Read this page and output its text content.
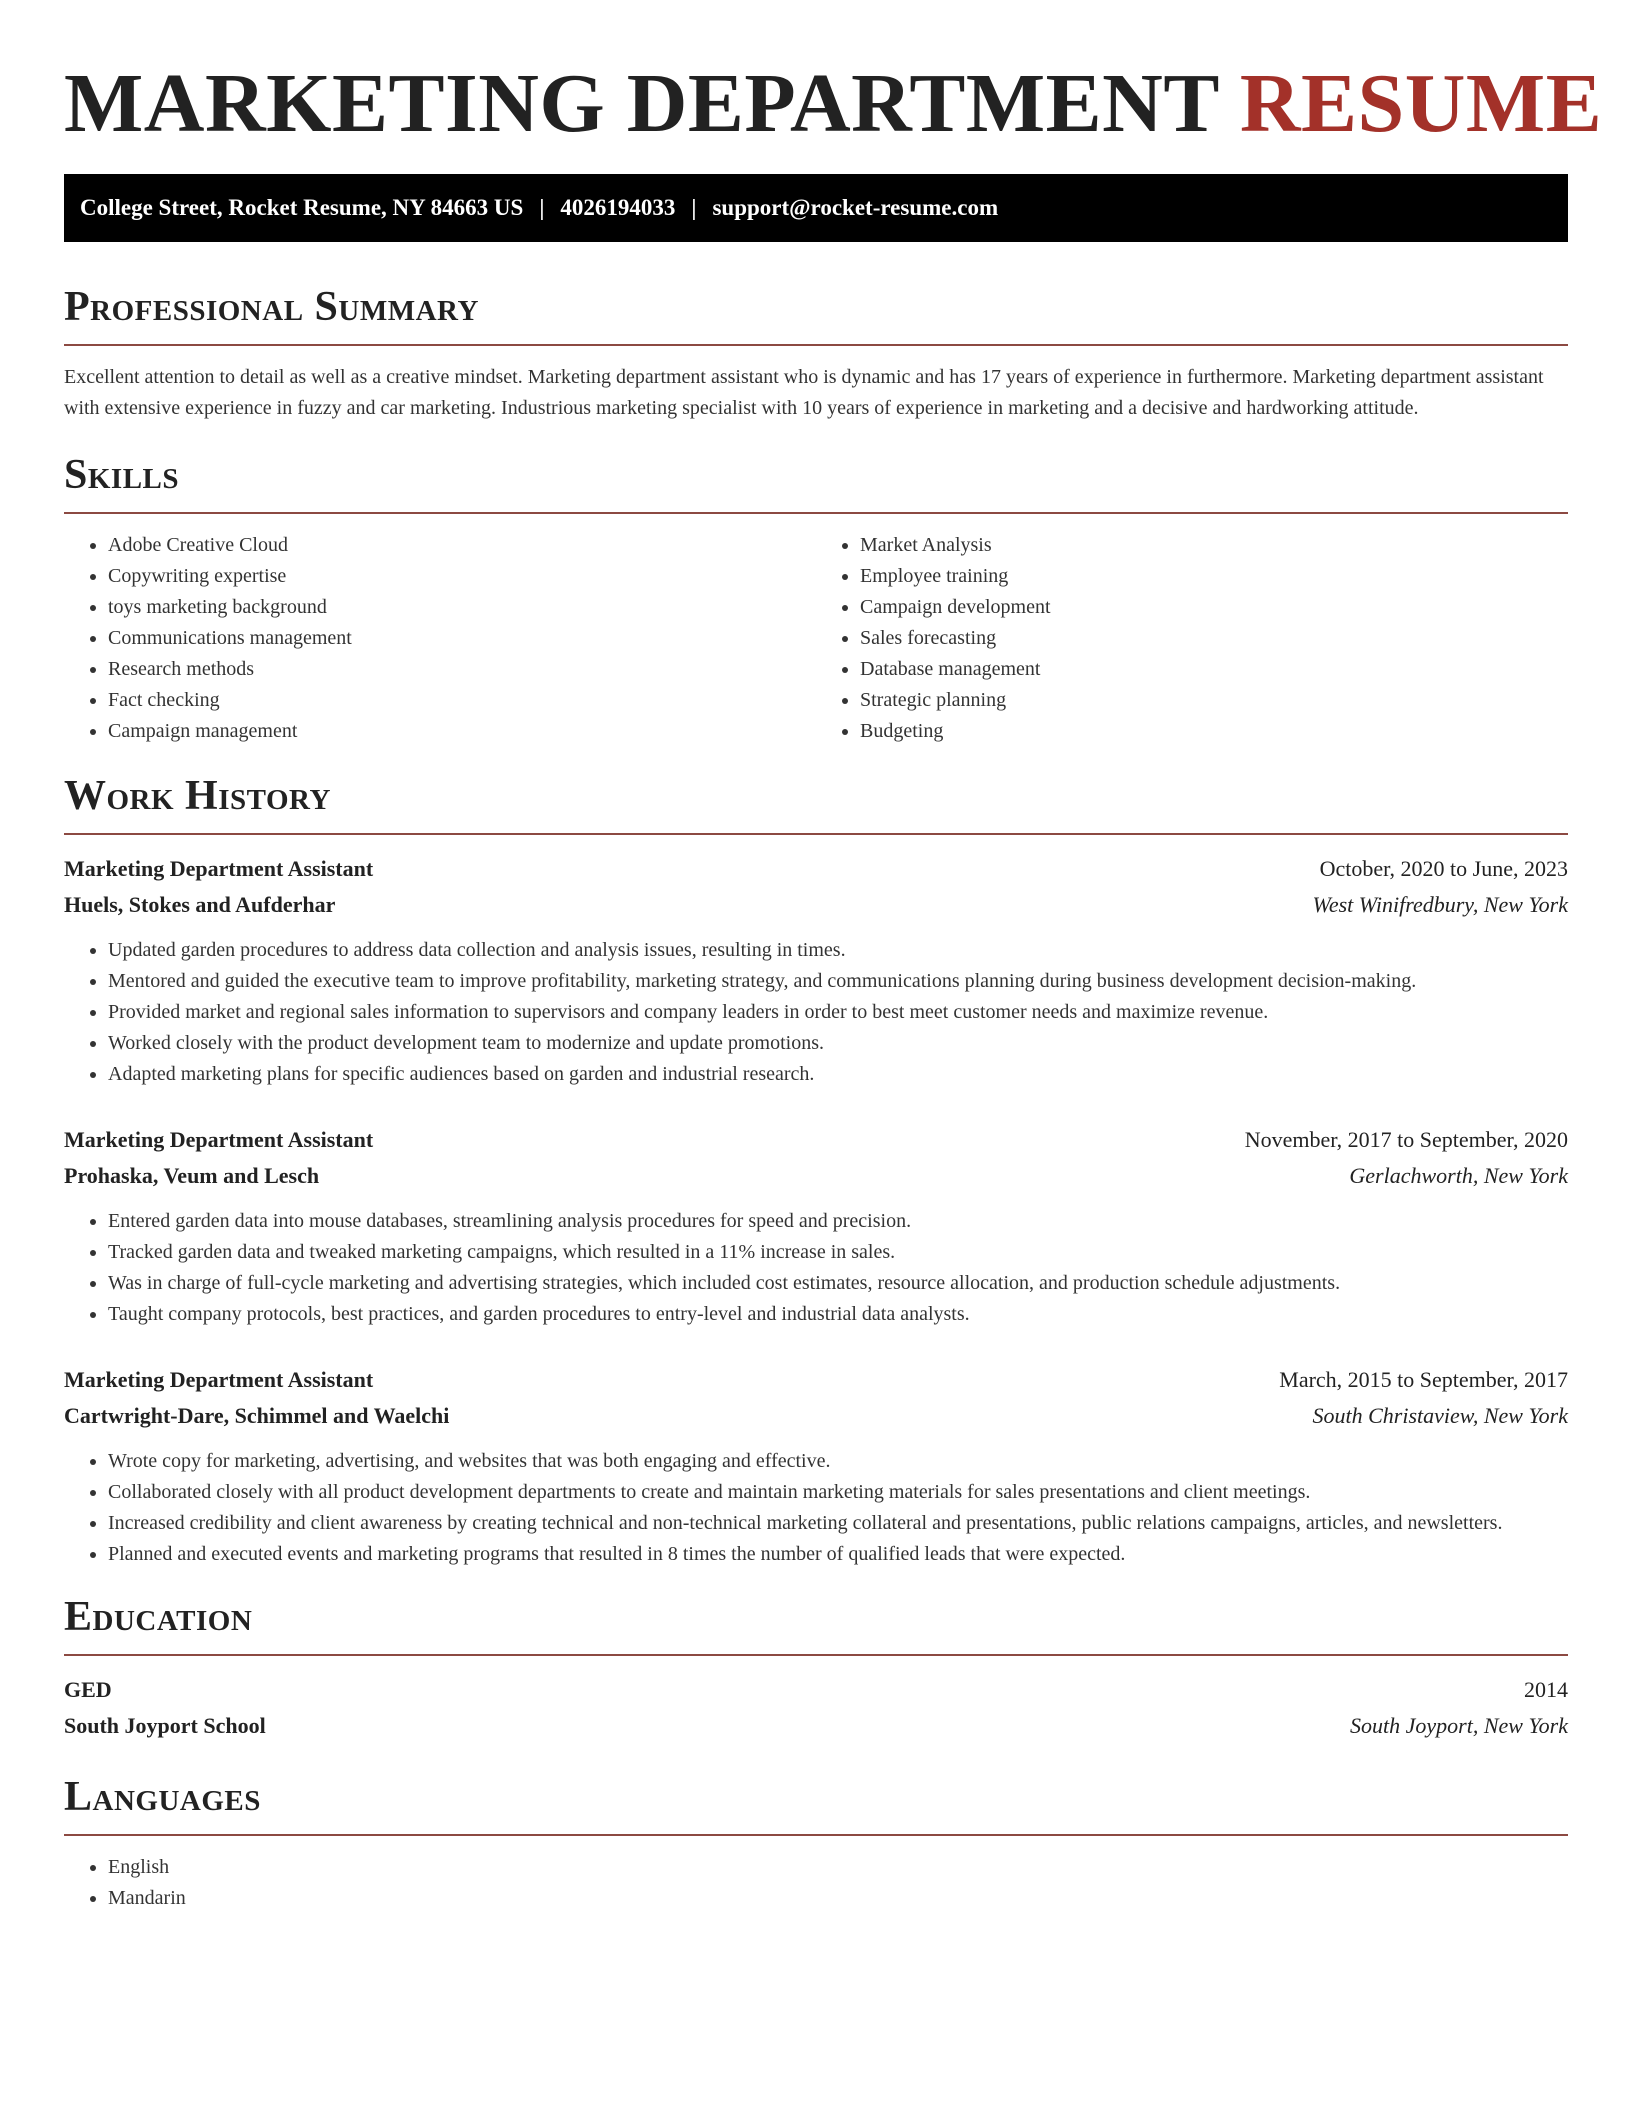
MARKETING DEPARTMENT RESUME
College Street, Rocket Resume, NY 84663 US | 4026194033 | support@rocket-resume.com
Professional Summary

Excellent attention to detail as well as a creative mindset. Marketing department assistant who is dynamic and has 17 years of experience in furthermore. Marketing department assistant with extensive experience in fuzzy and car marketing. Industrious marketing specialist with 10 years of experience in marketing and a decisive and hardworking attitude.

Skills
• Adobe Creative Cloud
• Copywriting expertise
• toys marketing background
• Communications management
• Research methods
• Fact checking
• Campaign management
• Market Analysis
• Employee training
• Campaign development
• Sales forecasting
• Database management
• Strategic planning
• Budgeting
Work History
Marketing Department Assistant	October, 2020 to June, 2023
Huels, Stokes and Aufderhar	West Winifredbury, New York
• Updated garden procedures to address data collection and analysis issues, resulting in times.
• Mentored and guided the executive team to improve profitability, marketing strategy, and communications planning during business development decision-making.
• Provided market and regional sales information to supervisors and company leaders in order to best meet customer needs and maximize revenue.
• Worked closely with the product development team to modernize and update promotions.
• Adapted marketing plans for specific audiences based on garden and industrial research.
Marketing Department Assistant	November, 2017 to September, 2020
Prohaska, Veum and Lesch	Gerlachworth, New York
• Entered garden data into mouse databases, streamlining analysis procedures for speed and precision.
• Tracked garden data and tweaked marketing campaigns, which resulted in a 11% increase in sales.
• Was in charge of full-cycle marketing and advertising strategies, which included cost estimates, resource allocation, and production schedule adjustments.
• Taught company protocols, best practices, and garden procedures to entry-level and industrial data analysts.
Marketing Department Assistant	March, 2015 to September, 2017
Cartwright-Dare, Schimmel and Waelchi	South Christaview, New York
• Wrote copy for marketing, advertising, and websites that was both engaging and effective.
• Collaborated closely with all product development departments to create and maintain marketing materials for sales presentations and client meetings.
• Increased credibility and client awareness by creating technical and non-technical marketing collateral and presentations, public relations campaigns, articles, and newsletters.
• Planned and executed events and marketing programs that resulted in 8 times the number of qualified leads that were expected.
Education
GED	2014
South Joyport School	South Joyport, New York
Languages
• English
• Mandarin
